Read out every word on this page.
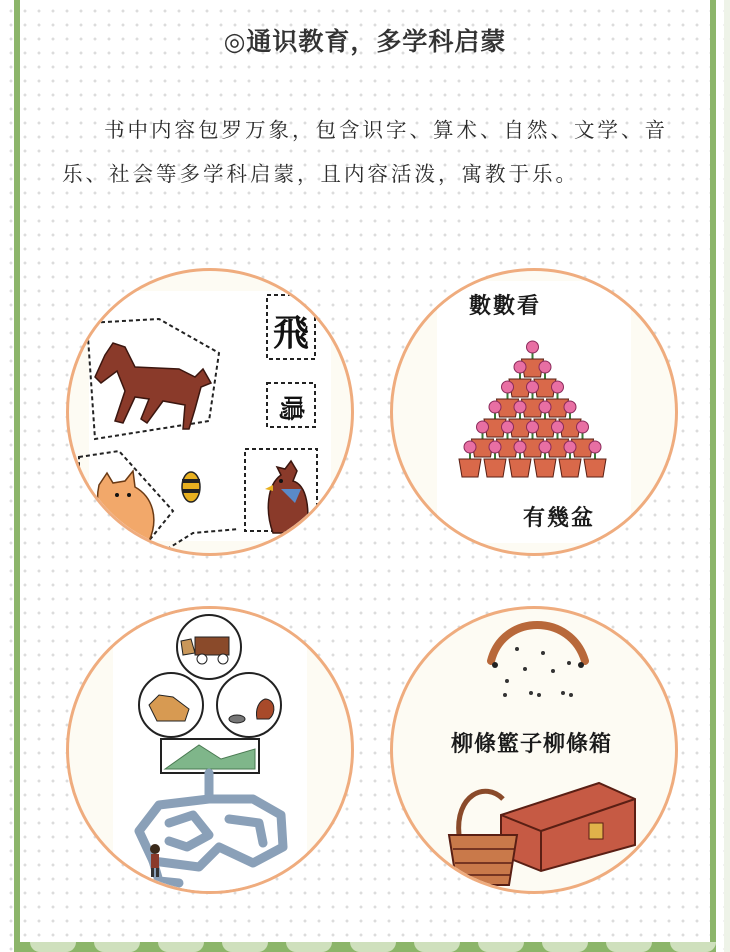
◎通识教育，多学科启蒙
书中内容包罗万象，包含识字、算术、自然、文学、音乐、社会等多学科启蒙，且内容活泼，寓教于乐。
飛
鳴
數數看
有幾盆
柳條籃子柳條箱
